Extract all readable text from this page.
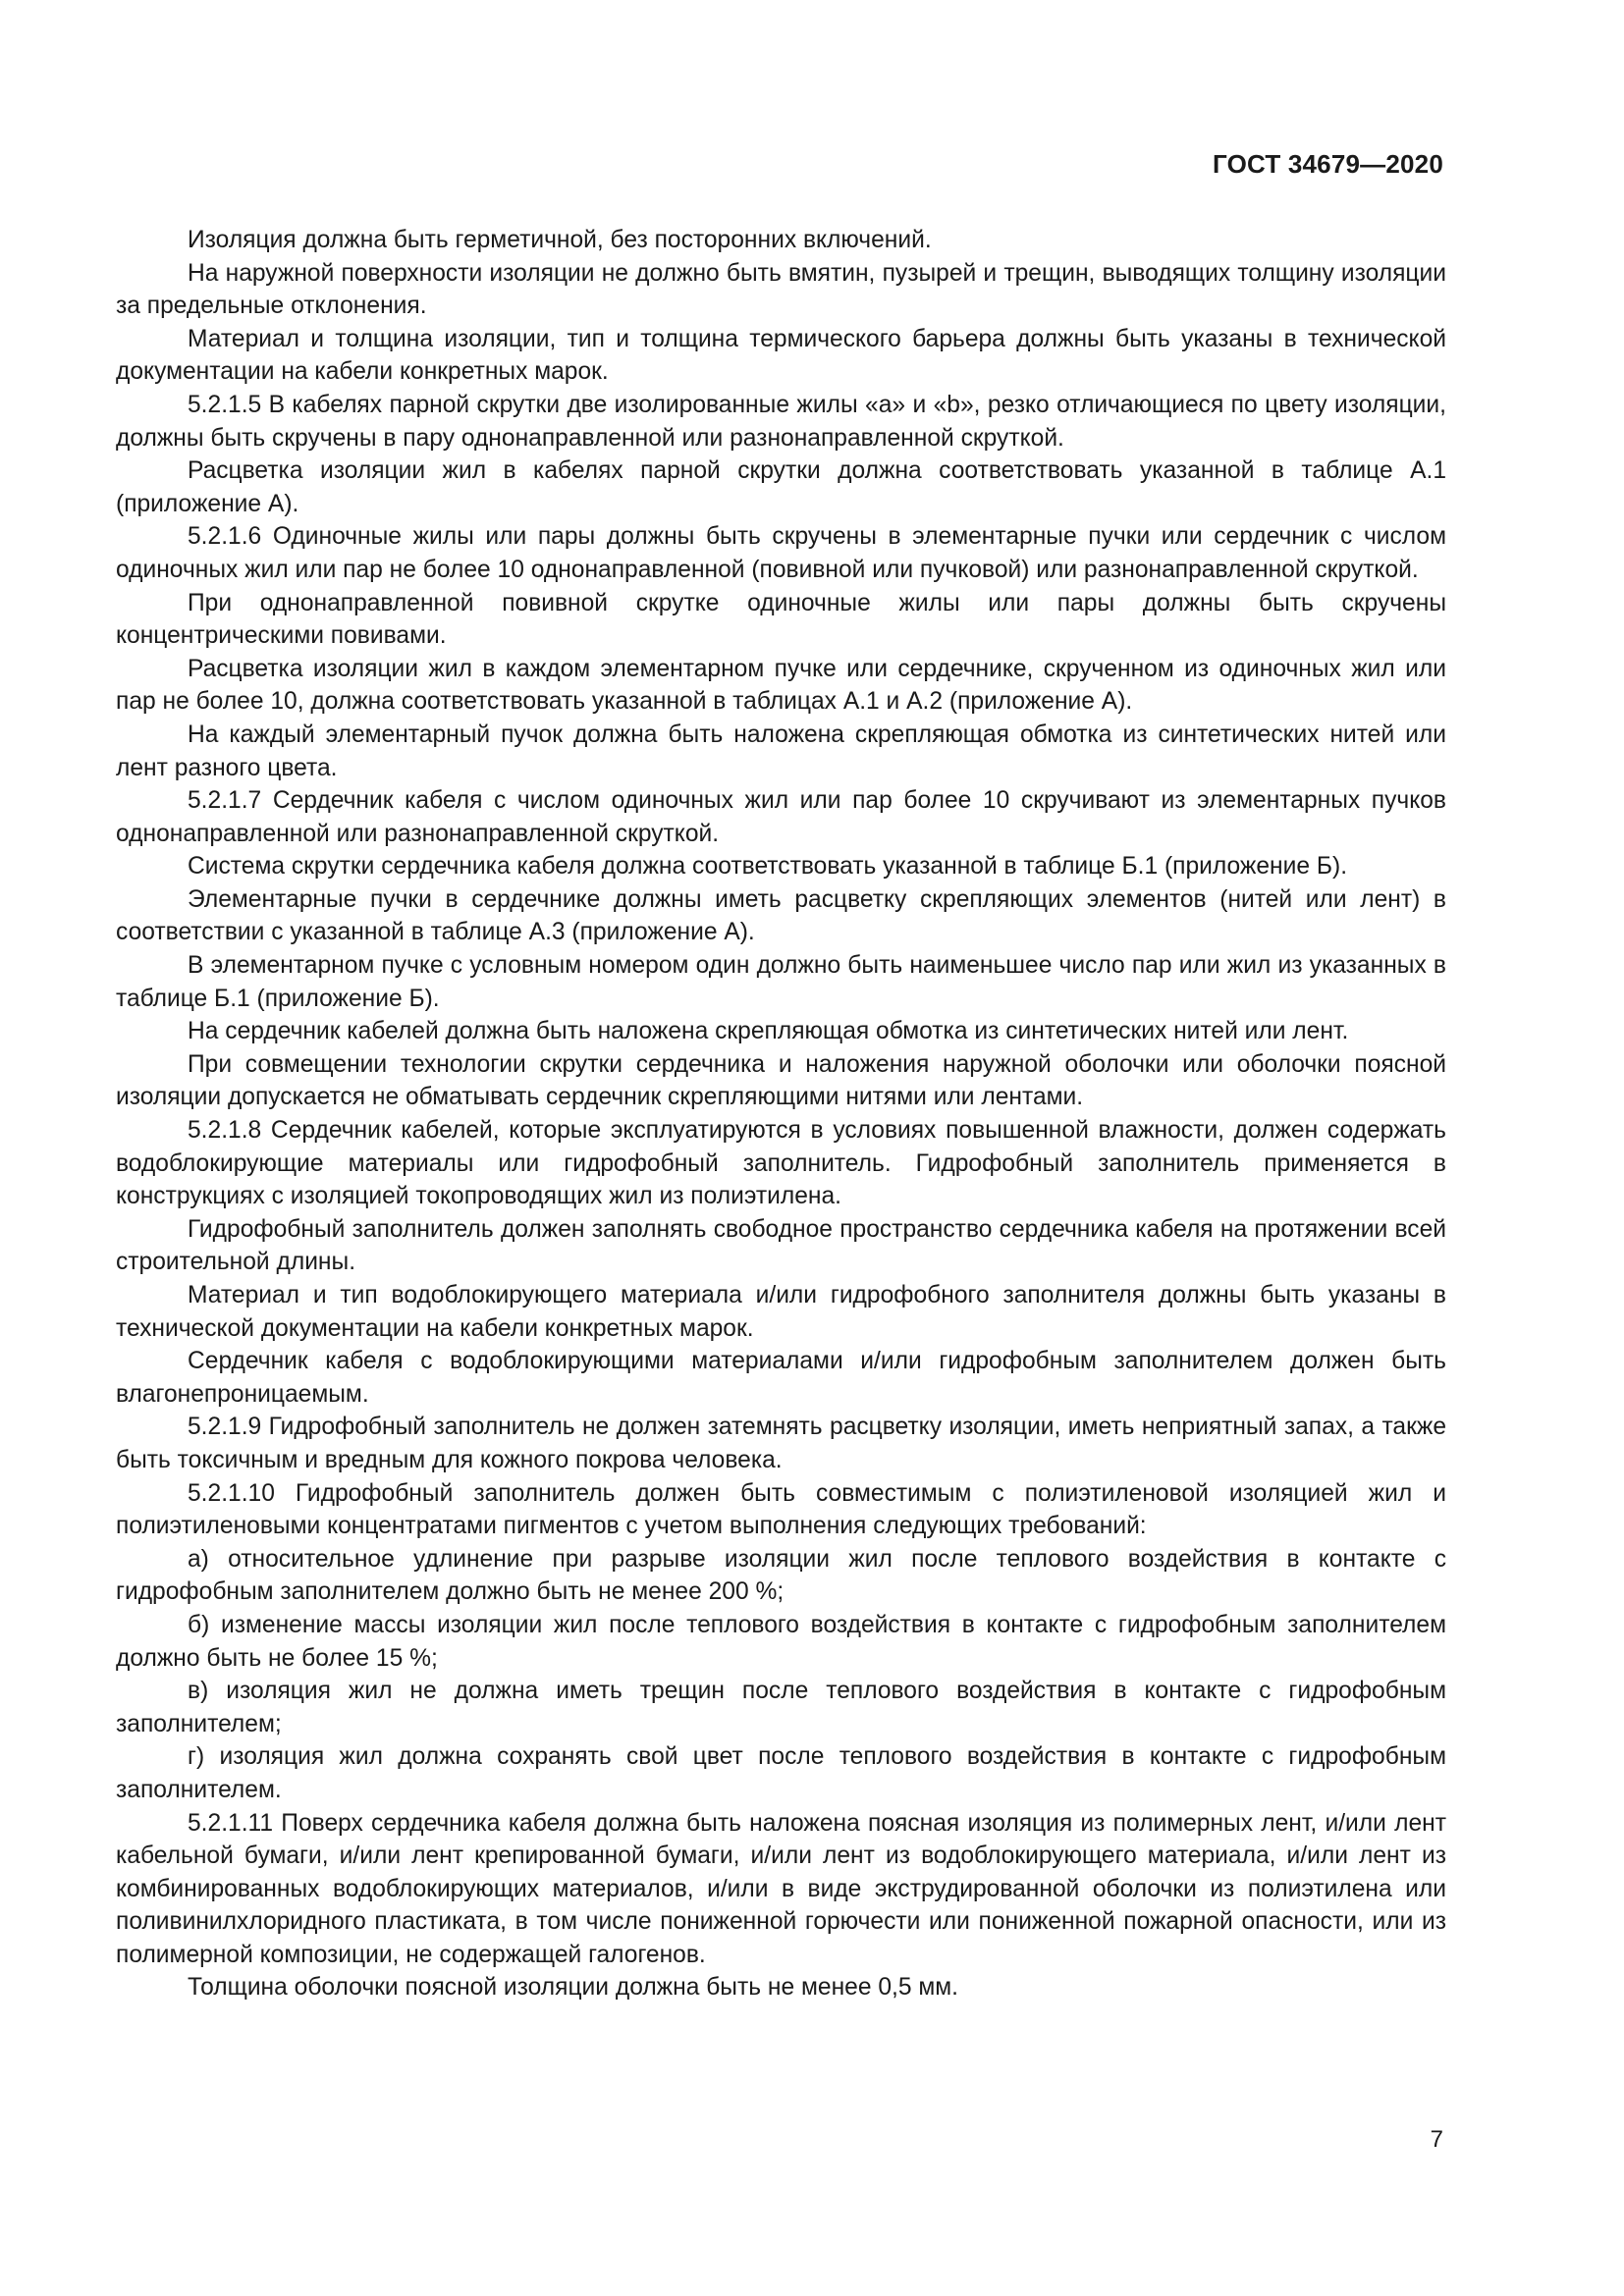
ГОСТ 34679—2020

Изоляция должна быть герметичной, без посторонних включений.

На наружной поверхности изоляции не должно быть вмятин, пузырей и трещин, выводящих толщину изоляции за предельные отклонения.

Материал и толщина изоляции, тип и толщина термического барьера должны быть указаны в технической документации на кабели конкретных марок.

5.2.1.5 В кабелях парной скрутки две изолированные жилы «а» и «b», резко отличающиеся по цвету изоляции, должны быть скручены в пару однонаправленной или разнонаправленной скруткой.

Расцветка изоляции жил в кабелях парной скрутки должна соответствовать указанной в таблице А.1 (приложение А).

5.2.1.6 Одиночные жилы или пары должны быть скручены в элементарные пучки или сердечник с числом одиночных жил или пар не более 10 однонаправленной (повивной или пучковой) или разнонаправленной скруткой.

При однонаправленной повивной скрутке одиночные жилы или пары должны быть скручены концентрическими повивами.

Расцветка изоляции жил в каждом элементарном пучке или сердечнике, скрученном из одиночных жил или пар не более 10, должна соответствовать указанной в таблицах А.1 и А.2 (приложение А).

На каждый элементарный пучок должна быть наложена скрепляющая обмотка из синтетических нитей или лент разного цвета.

5.2.1.7 Сердечник кабеля с числом одиночных жил или пар более 10 скручивают из элементарных пучков однонаправленной или разнонаправленной скруткой.

Система скрутки сердечника кабеля должна соответствовать указанной в таблице Б.1 (приложение Б).

Элементарные пучки в сердечнике должны иметь расцветку скрепляющих элементов (нитей или лент) в соответствии с указанной в таблице А.3 (приложение А).

В элементарном пучке с условным номером один должно быть наименьшее число пар или жил из указанных в таблице Б.1 (приложение Б).

На сердечник кабелей должна быть наложена скрепляющая обмотка из синтетических нитей или лент.

При совмещении технологии скрутки сердечника и наложения наружной оболочки или оболочки поясной изоляции допускается не обматывать сердечник скрепляющими нитями или лентами.

5.2.1.8 Сердечник кабелей, которые эксплуатируются в условиях повышенной влажности, должен содержать водоблокирующие материалы или гидрофобный заполнитель. Гидрофобный заполнитель применяется в конструкциях с изоляцией токопроводящих жил из полиэтилена.

Гидрофобный заполнитель должен заполнять свободное пространство сердечника кабеля на протяжении всей строительной длины.

Материал и тип водоблокирующего материала и/или гидрофобного заполнителя должны быть указаны в технической документации на кабели конкретных марок.

Сердечник кабеля с водоблокирующими материалами и/или гидрофобным заполнителем должен быть влагонепроницаемым.

5.2.1.9 Гидрофобный заполнитель не должен затемнять расцветку изоляции, иметь неприятный запах, а также быть токсичным и вредным для кожного покрова человека.

5.2.1.10 Гидрофобный заполнитель должен быть совместимым с полиэтиленовой изоляцией жил и полиэтиленовыми концентратами пигментов с учетом выполнения следующих требований:

а) относительное удлинение при разрыве изоляции жил после теплового воздействия в контакте с гидрофобным заполнителем должно быть не менее 200 %;

б) изменение массы изоляции жил после теплового воздействия в контакте с гидрофобным заполнителем должно быть не более 15 %;

в) изоляция жил не должна иметь трещин после теплового воздействия в контакте с гидрофобным заполнителем;

г) изоляция жил должна сохранять свой цвет после теплового воздействия в контакте с гидрофобным заполнителем.

5.2.1.11 Поверх сердечника кабеля должна быть наложена поясная изоляция из полимерных лент, и/или лент кабельной бумаги, и/или лент крепированной бумаги, и/или лент из водоблокирующего материала, и/или лент из комбинированных водоблокирующих материалов, и/или в виде экструдированной оболочки из полиэтилена или поливинилхлоридного пластиката, в том числе пониженной горючести или пониженной пожарной опасности, или из полимерной композиции, не содержащей галогенов.

Толщина оболочки поясной изоляции должна быть не менее 0,5 мм.

7
